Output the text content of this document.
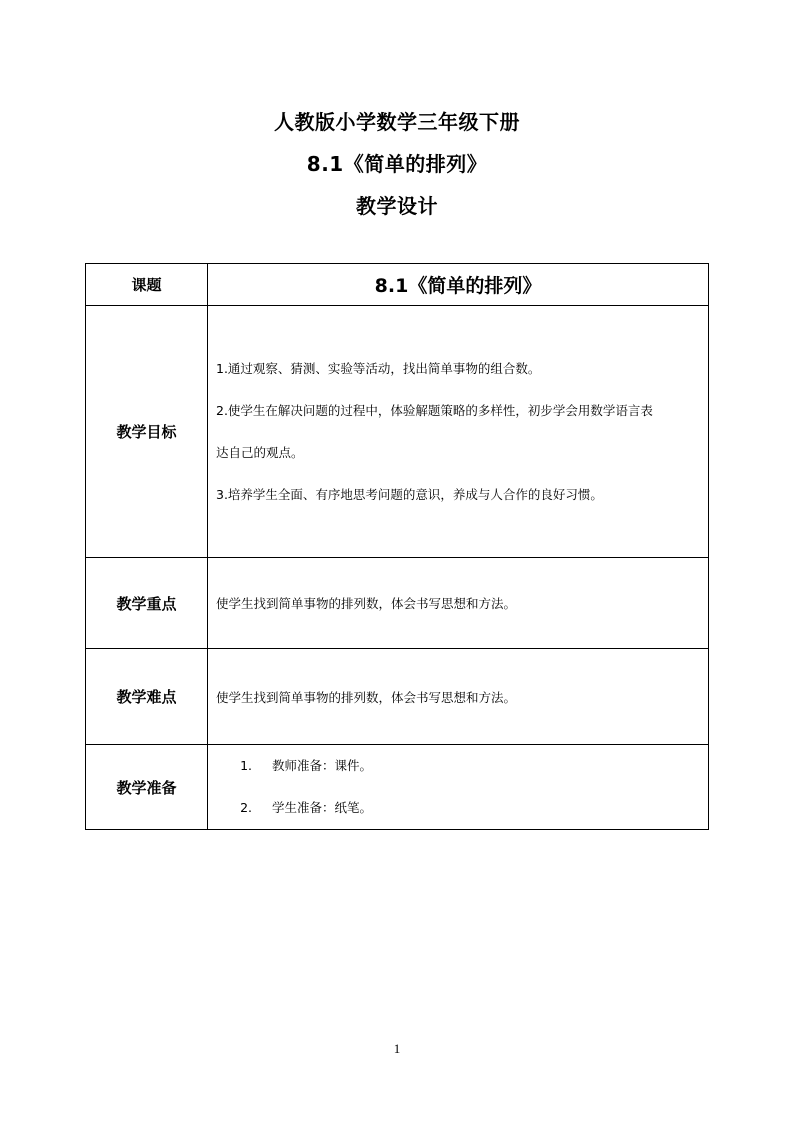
人教版小学数学三年级下册
8.1《简单的排列》
教学设计
课题	8.1《简单的排列》

教学目标	1.通过观察、猜测、实验等活动，找出简单事物的组合数。

2.使学生在解决问题的过程中，体验解题策略的多样性，初步学会用数学语言表

达自己的观点。

3.培养学生全面、有序地思考问题的意识，养成与人合作的良好习惯。

教学重点	使学生找到简单事物的排列数，体会书写思想和方法。
教学难点	使学生找到简单事物的排列数，体会书写思想和方法。
教学准备	1. 教师准备：课件。
2. 学生准备：纸笔。
1
